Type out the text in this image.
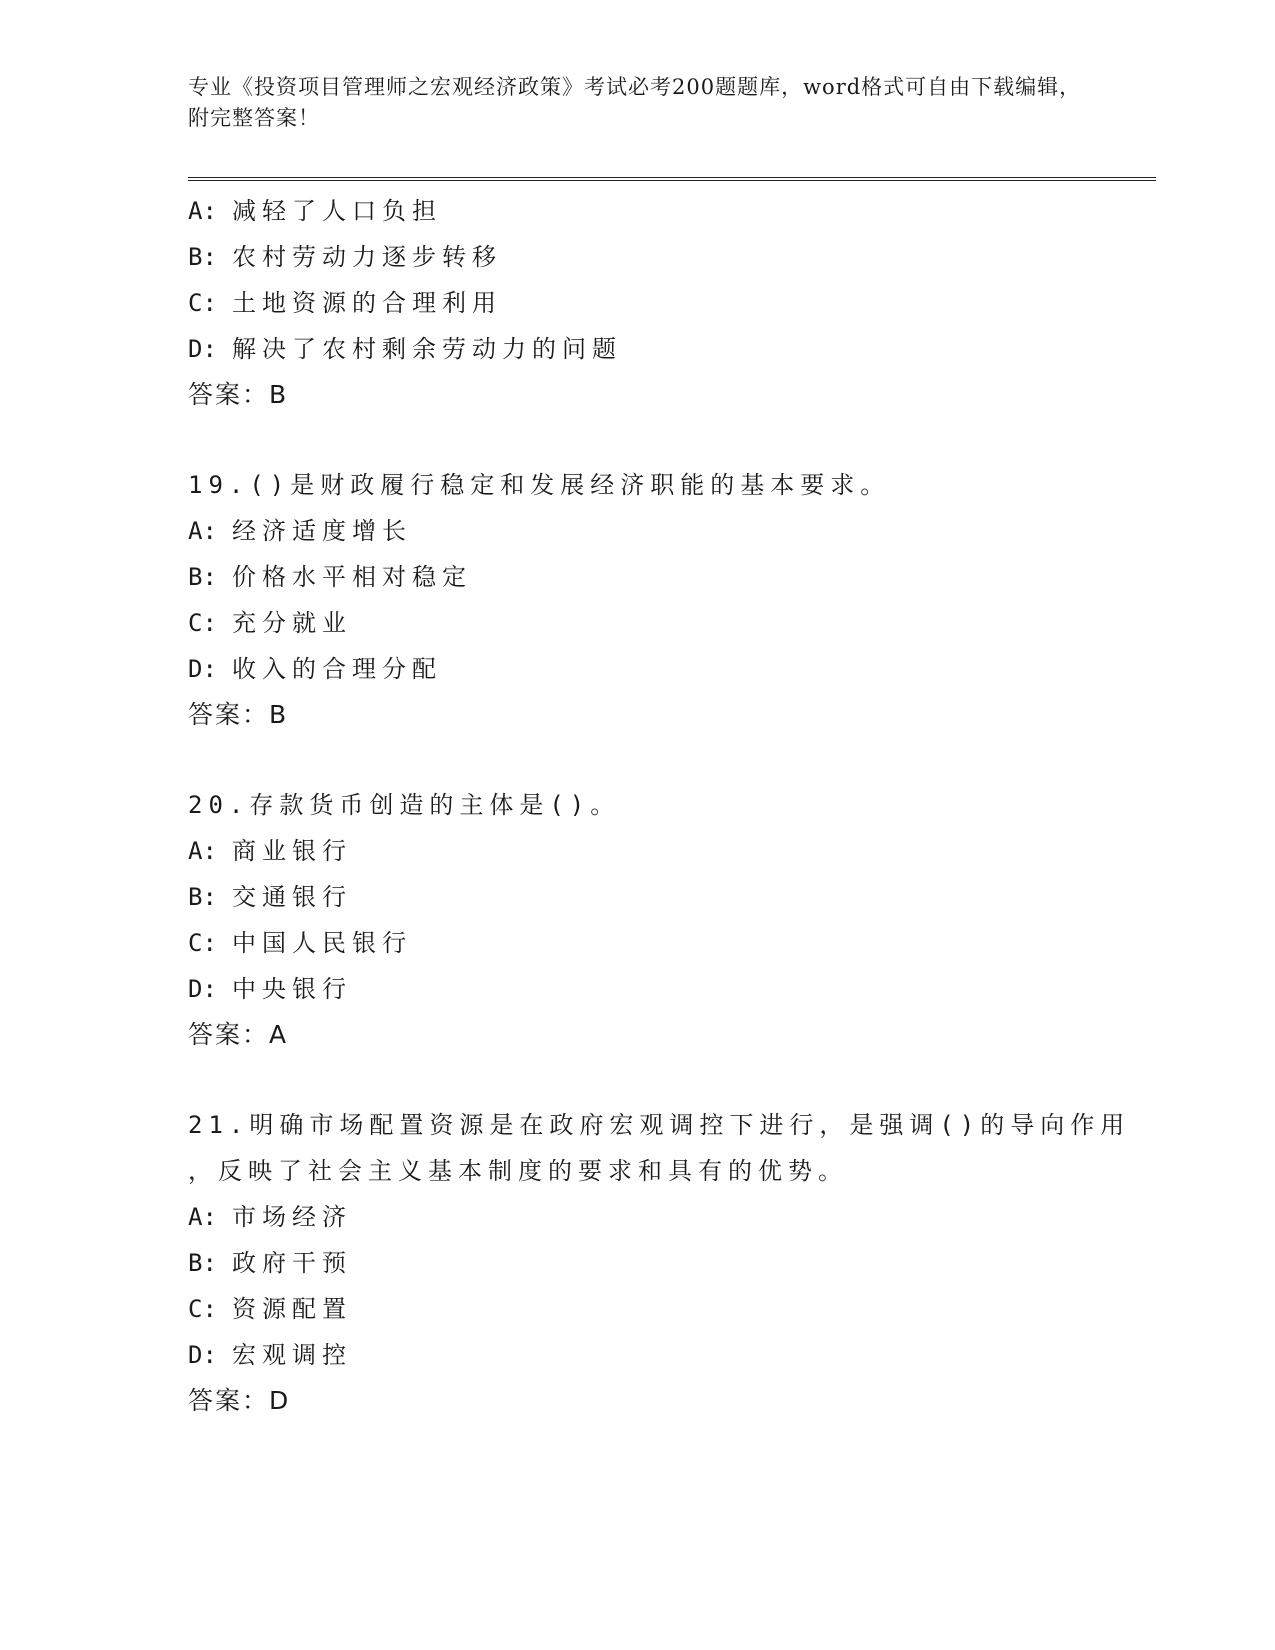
专业《投资项目管理师之宏观经济政策》考试必考200题题库，word格式可自由下载编辑，附完整答案！
A: 减轻了人口负担
B: 农村劳动力逐步转移
C: 土地资源的合理利用
D: 解决了农村剩余劳动力的问题
答案：B
19.()是财政履行稳定和发展经济职能的基本要求。
A: 经济适度增长
B: 价格水平相对稳定
C: 充分就业
D: 收入的合理分配
答案：B
20.存款货币创造的主体是()。
A: 商业银行
B: 交通银行
C: 中国人民银行
D: 中央银行
答案：A
21.明确市场配置资源是在政府宏观调控下进行，是强调()的导向作用
，反映了社会主义基本制度的要求和具有的优势。
A: 市场经济
B: 政府干预
C: 资源配置
D: 宏观调控
答案：D
